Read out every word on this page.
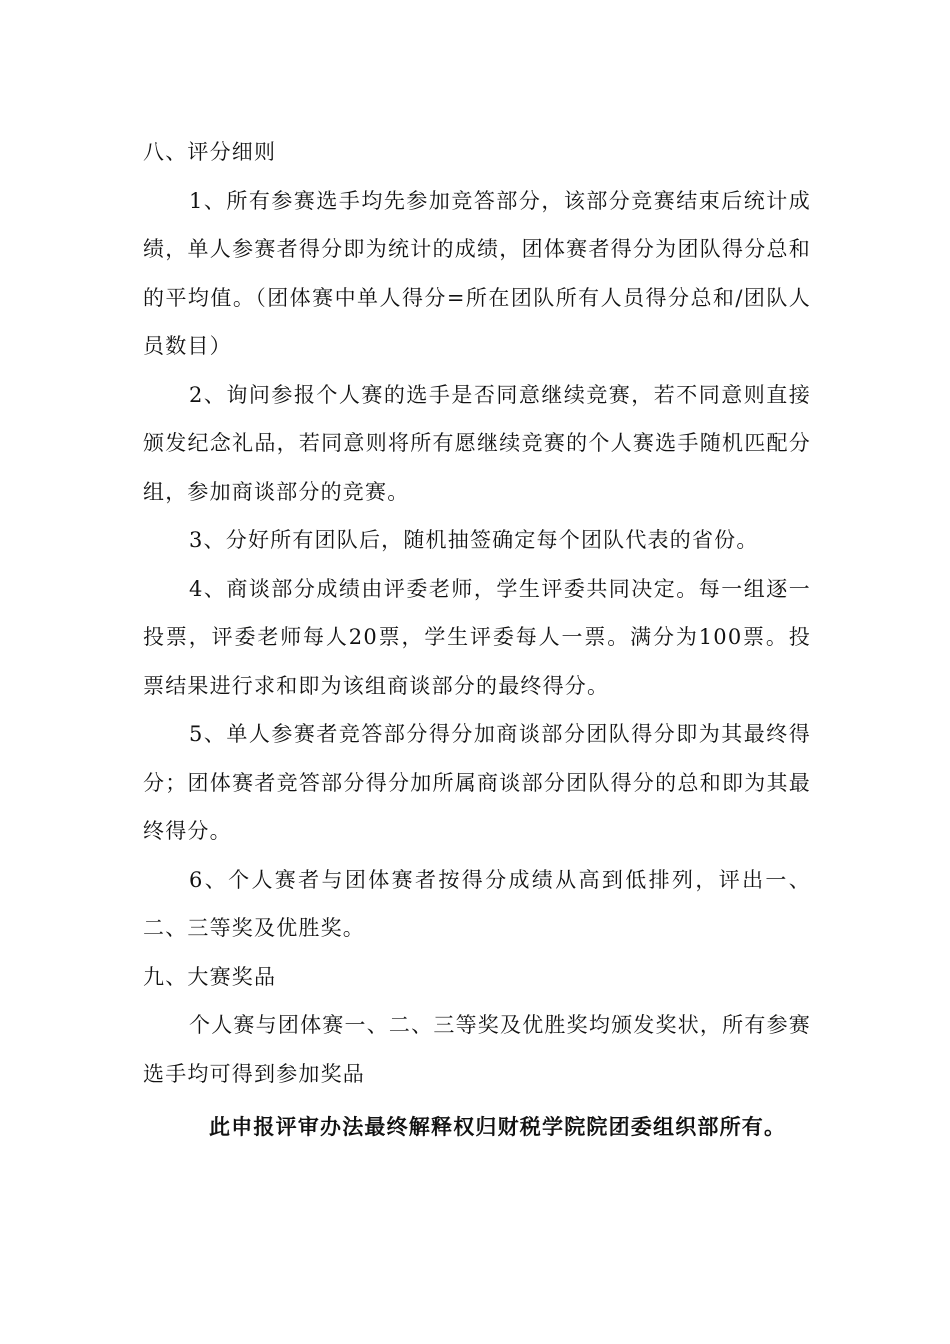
八、评分细则

1、所有参赛选手均先参加竞答部分，该部分竞赛结束后统计成绩，单人参赛者得分即为统计的成绩，团体赛者得分为团队得分总和的平均值。（团体赛中单人得分=所在团队所有人员得分总和/团队人员数目）

2、询问参报个人赛的选手是否同意继续竞赛，若不同意则直接颁发纪念礼品，若同意则将所有愿继续竞赛的个人赛选手随机匹配分组，参加商谈部分的竞赛。

3、分好所有团队后，随机抽签确定每个团队代表的省份。

4、商谈部分成绩由评委老师，学生评委共同决定。每一组逐一投票，评委老师每人20票，学生评委每人一票。满分为100票。投票结果进行求和即为该组商谈部分的最终得分。

5、单人参赛者竞答部分得分加商谈部分团队得分即为其最终得分；团体赛者竞答部分得分加所属商谈部分团队得分的总和即为其最终得分。

6、个人赛者与团体赛者按得分成绩从高到低排列，评出一、二、三等奖及优胜奖。

九、大赛奖品

个人赛与团体赛一、二、三等奖及优胜奖均颁发奖状，所有参赛选手均可得到参加奖品

此申报评审办法最终解释权归财税学院院团委组织部所有。
